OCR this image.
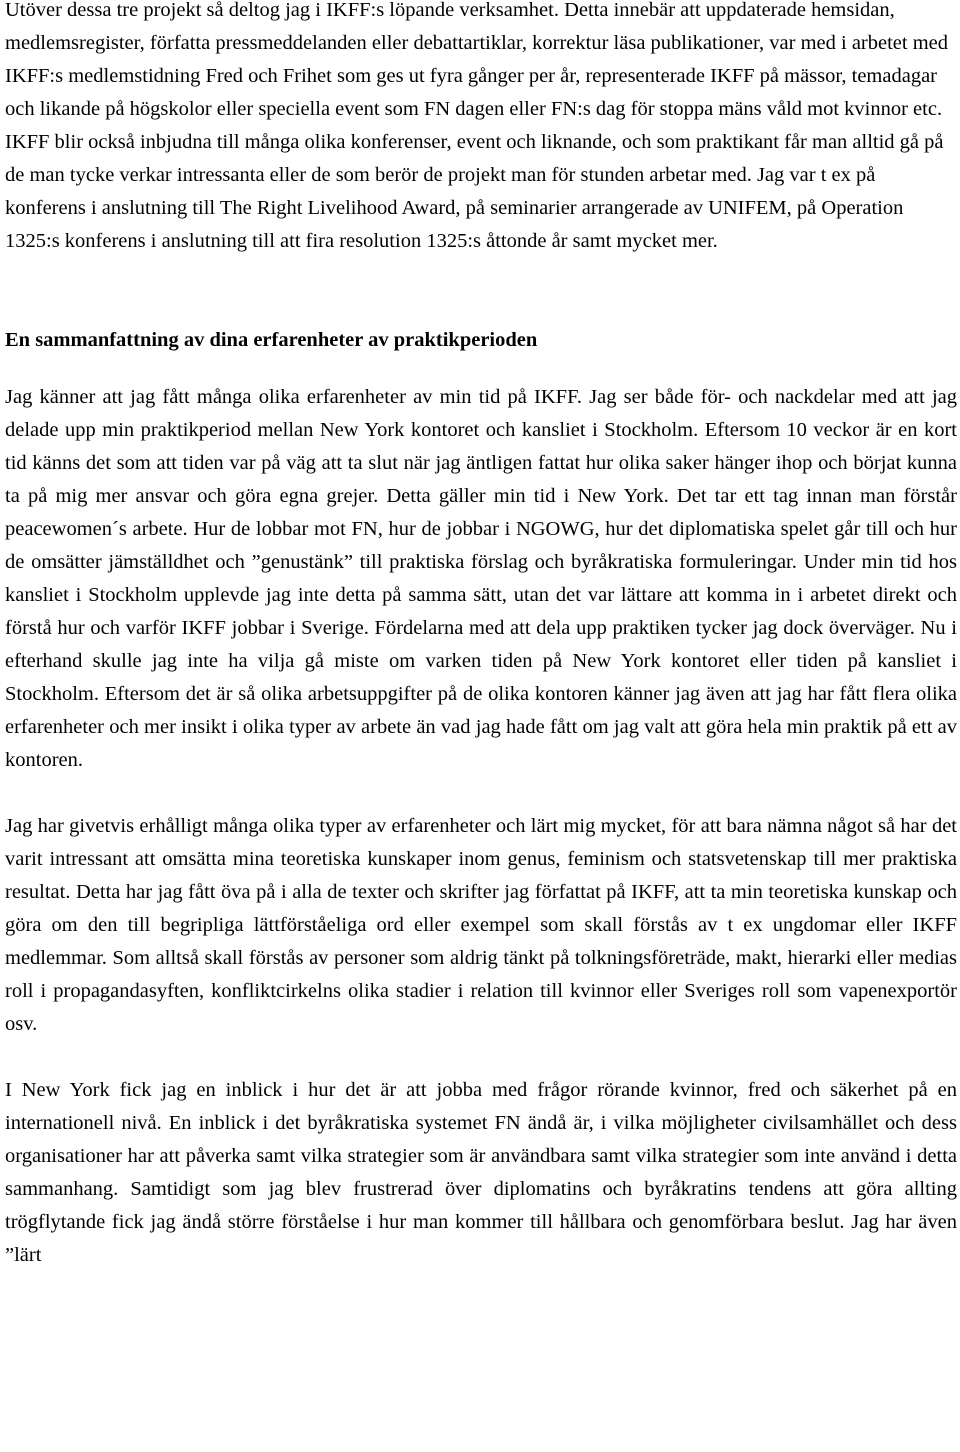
Utöver dessa tre projekt så deltog jag i IKFF:s löpande verksamhet. Detta innebär att uppdaterade hemsidan, medlemsregister, författa pressmeddelanden eller debattartiklar, korrektur läsa publikationer, var med i arbetet med IKFF:s medlemstidning Fred och Frihet som ges ut fyra gånger per år, representerade IKFF på mässor, temadagar och likande på högskolor eller speciella event som FN dagen eller FN:s dag för stoppa mäns våld mot kvinnor etc. IKFF blir också inbjudna till många olika konferenser, event och liknande, och som praktikant får man alltid gå på de man tycke verkar intressanta eller de som berör de projekt man för stunden arbetar med. Jag var t ex på konferens i anslutning till The Right Livelihood Award, på seminarier arrangerade av UNIFEM, på Operation 1325:s konferens i anslutning till att fira resolution 1325:s åttonde år samt mycket mer.

En sammanfattning av dina erfarenheter av praktikperioden

Jag känner att jag fått många olika erfarenheter av min tid på IKFF. Jag ser både för- och nackdelar med att jag delade upp min praktikperiod mellan New York kontoret och kansliet i Stockholm. Eftersom 10 veckor är en kort tid känns det som att tiden var på väg att ta slut när jag äntligen fattat hur olika saker hänger ihop och börjat kunna ta på mig mer ansvar och göra egna grejer. Detta gäller min tid i New York. Det tar ett tag innan man förstår peacewomen´s arbete. Hur de lobbar mot FN, hur de jobbar i NGOWG, hur det diplomatiska spelet går till och hur de omsätter jämställdhet och ”genustänk” till praktiska förslag och byråkratiska formuleringar. Under min tid hos kansliet i Stockholm upplevde jag inte detta på samma sätt, utan det var lättare att komma in i arbetet direkt och förstå hur och varför IKFF jobbar i Sverige. Fördelarna med att dela upp praktiken tycker jag dock överväger. Nu i efterhand skulle jag inte ha vilja gå miste om varken tiden på New York kontoret eller tiden på kansliet i Stockholm. Eftersom det är så olika arbetsuppgifter på de olika kontoren känner jag även att jag har fått flera olika erfarenheter och mer insikt i olika typer av arbete än vad jag hade fått om jag valt att göra hela min praktik på ett av kontoren.

Jag har givetvis erhålligt många olika typer av erfarenheter och lärt mig mycket, för att bara nämna något så har det varit intressant att omsätta mina teoretiska kunskaper inom genus, feminism och statsvetenskap till mer praktiska resultat. Detta har jag fått öva på i alla de texter och skrifter jag författat på IKFF, att ta min teoretiska kunskap och göra om den till begripliga lättförståeliga ord eller exempel som skall förstås av t ex ungdomar eller IKFF medlemmar. Som alltså skall förstås av personer som aldrig tänkt på tolkningsföreträde, makt, hierarki eller medias roll i propagandasyften, konfliktcirkelns olika stadier i relation till kvinnor eller Sveriges roll som vapenexportör osv.

I New York fick jag en inblick i hur det är att jobba med frågor rörande kvinnor, fred och säkerhet på en internationell nivå. En inblick i det byråkratiska systemet FN ändå är, i vilka möjligheter civilsamhället och dess organisationer har att påverka samt vilka strategier som är användbara samt vilka strategier som inte använd i detta sammanhang. Samtidigt som jag blev frustrerad över diplomatins och byråkratins tendens att göra allting trögflytande fick jag ändå större förståelse i hur man kommer till hållbara och genomförbara beslut. Jag har även ”lärt
